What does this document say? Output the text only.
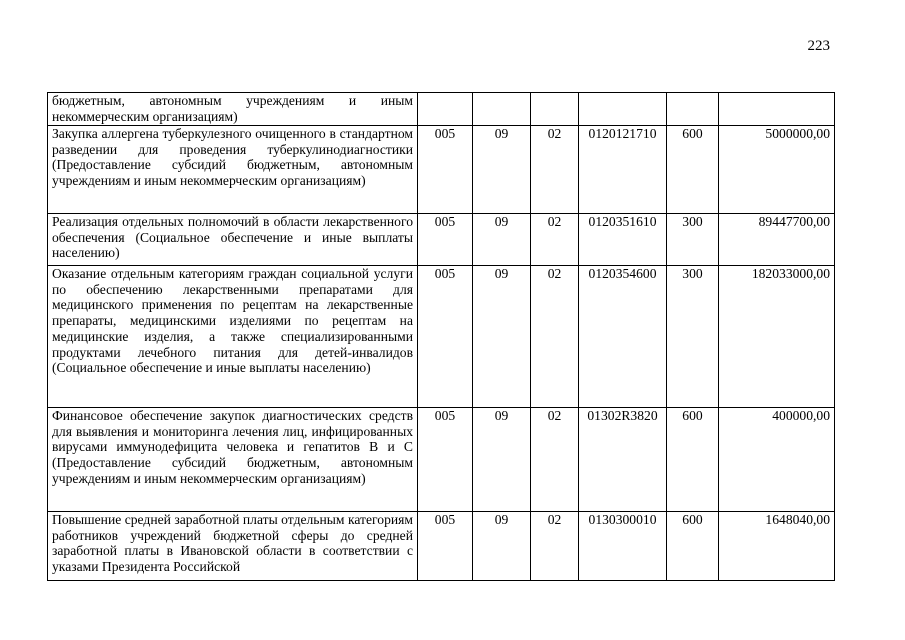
223
бюджетным, автономным учреждениям и иным некоммерческим организациям)						
Закупка аллергена туберкулезного очищенного в стандартном разведении для проведения туберкулинодиагностики (Предоставление субсидий бюджетным, автономным учреждениям и иным некоммерческим организациям)	005	09	02	0120121710	600	5000000,00
Реализация отдельных полномочий в области лекарственного обеспечения (Социальное обеспечение и иные выплаты населению)	005	09	02	0120351610	300	89447700,00
Оказание отдельным категориям граждан социальной услуги по обеспечению лекарственными препаратами для медицинского применения по рецептам на лекарственные препараты, медицинскими изделиями по рецептам на медицинские изделия, а также специализированными продуктами лечебного питания для детей-инвалидов (Социальное обеспечение и иные выплаты населению)	005	09	02	0120354600	300	182033000,00
Финансовое обеспечение закупок диагностических средств для выявления и мониторинга лечения лиц, инфицированных вирусами иммунодефицита человека и гепатитов В и С (Предоставление субсидий бюджетным, автономным учреждениям и иным некоммерческим организациям)	005	09	02	01302R3820	600	400000,00
Повышение средней заработной платы отдельным категориям работников учреждений бюджетной сферы до средней заработной платы в Ивановской области в соответствии с указами Президента Российской	005	09	02	0130300010	600	1648040,00
